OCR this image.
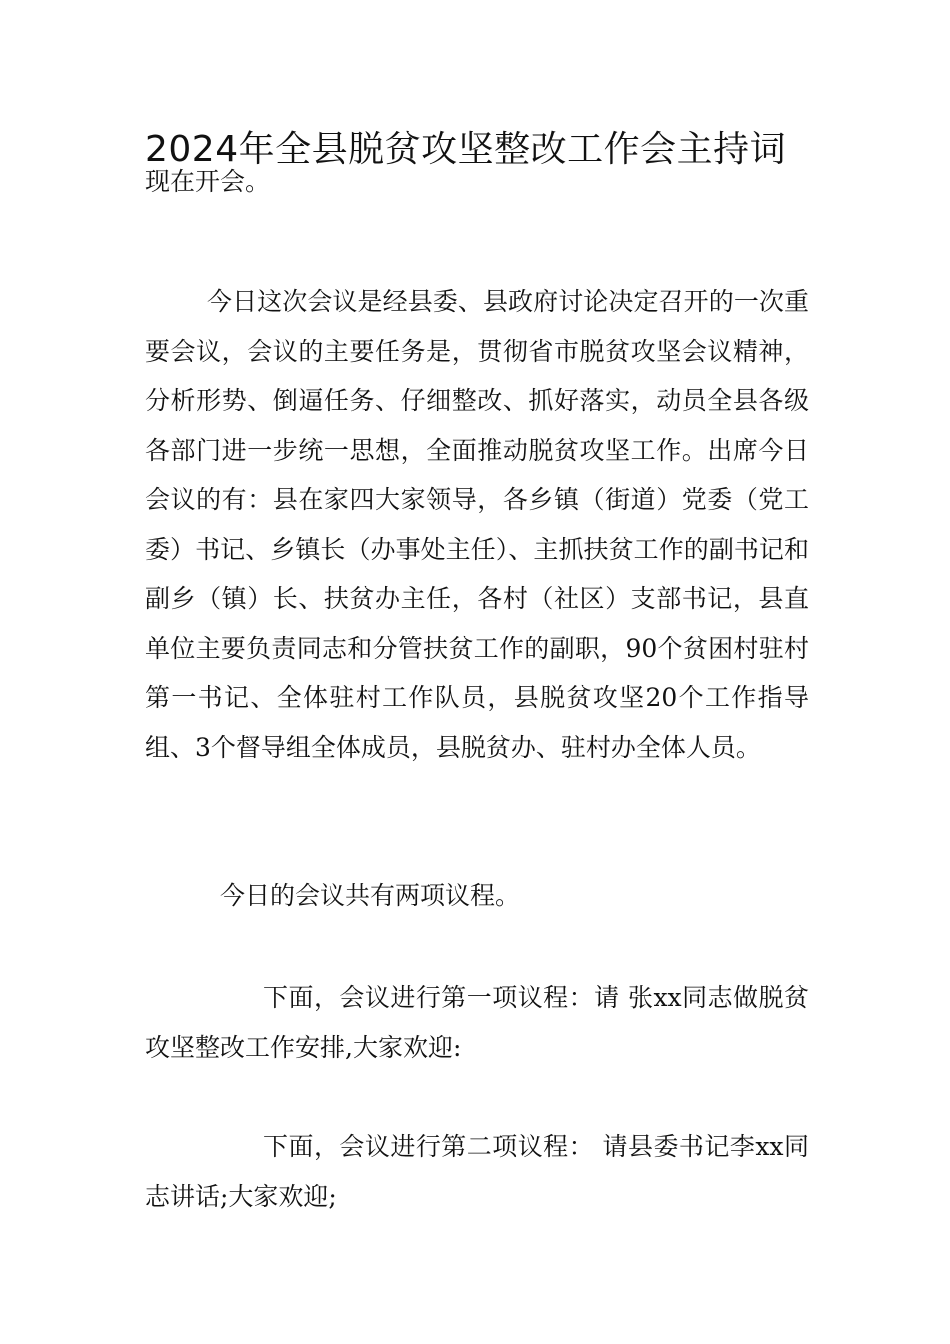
2024年全县脱贫攻坚整改工作会主持词

现在开会。

今日这次会议是经县委、县政府讨论决定召开的一次重要会议，会议的主要任务是，贯彻省市脱贫攻坚会议精神，分析形势、倒逼任务、仔细整改、抓好落实，动员全县各级各部门进一步统一思想，全面推动脱贫攻坚工作。出席今日会议的有：县在家四大家领导，各乡镇（街道）党委（党工委）书记、乡镇长（办事处主任）、主抓扶贫工作的副书记和副乡（镇）长、扶贫办主任，各村（社区）支部书记，县直单位主要负责同志和分管扶贫工作的副职，90个贫困村驻村第一书记、全体驻村工作队员，县脱贫攻坚20个工作指导组、3个督导组全体成员，县脱贫办、驻村办全体人员。

今日的会议共有两项议程。

下面，会议进行第一项议程：请 张xx同志做脱贫攻坚整改工作安排,大家欢迎:

下面，会议进行第二项议程： 请县委书记李xx同志讲话;大家欢迎;
